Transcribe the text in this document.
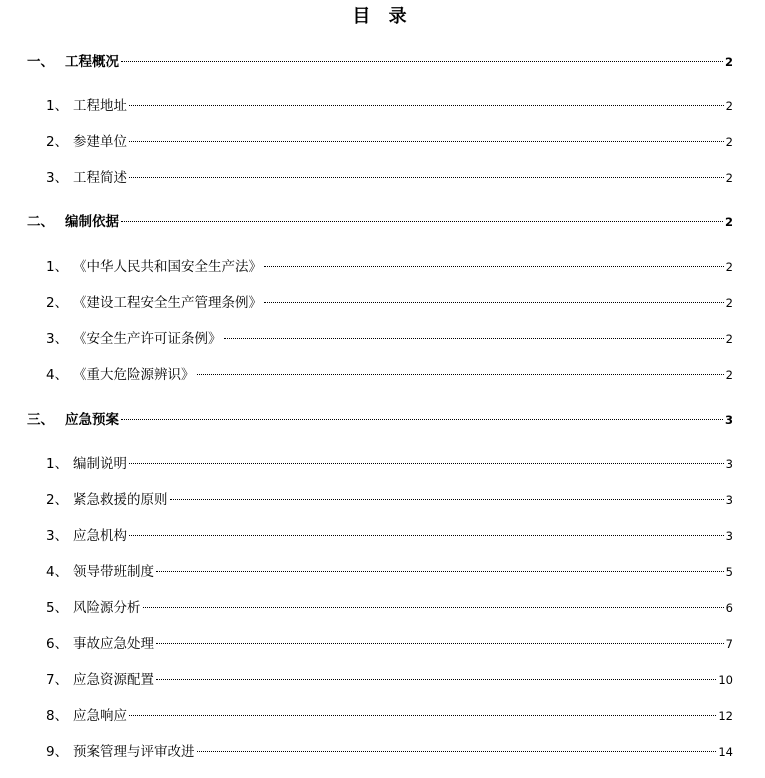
目 录
一、 工程概况	2
1、 工程地址	2
2、 参建单位	2
3、 工程简述	2
二、 编制依据	2
1、 《中华人民共和国安全生产法》	2
2、 《建设工程安全生产管理条例》	2
3、 《安全生产许可证条例》	2
4、 《重大危险源辨识》	2
三、 应急预案	3
1、 编制说明	3
2、 紧急救援的原则	3
3、 应急机构	3
4、 领导带班制度	5
5、 风险源分析	6
6、 事故应急处理	7
7、 应急资源配置	10
8、 应急响应	12
9、 预案管理与评审改进	14
